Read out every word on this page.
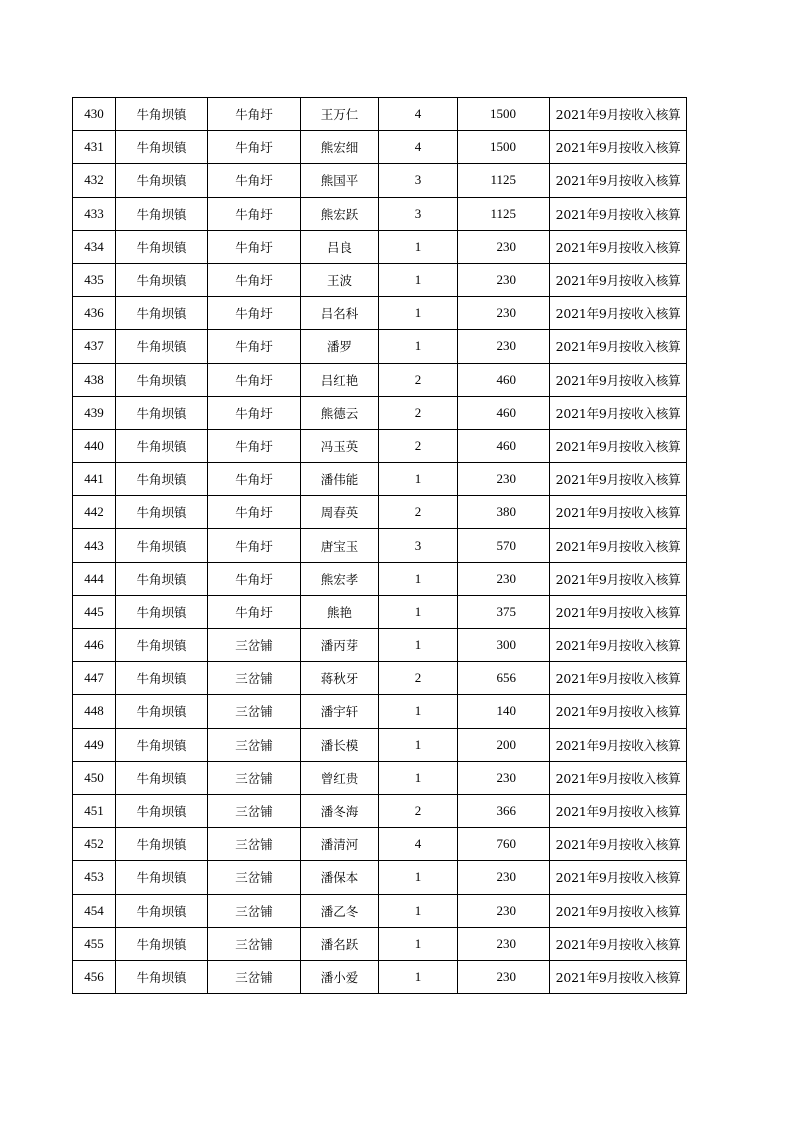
430	牛角坝镇	牛角圩	王万仁	4	1500	2021年9月按收入核算
431	牛角坝镇	牛角圩	熊宏细	4	1500	2021年9月按收入核算
432	牛角坝镇	牛角圩	熊国平	3	1125	2021年9月按收入核算
433	牛角坝镇	牛角圩	熊宏跃	3	1125	2021年9月按收入核算
434	牛角坝镇	牛角圩	吕良	1	230	2021年9月按收入核算
435	牛角坝镇	牛角圩	王波	1	230	2021年9月按收入核算
436	牛角坝镇	牛角圩	吕名科	1	230	2021年9月按收入核算
437	牛角坝镇	牛角圩	潘罗	1	230	2021年9月按收入核算
438	牛角坝镇	牛角圩	吕红艳	2	460	2021年9月按收入核算
439	牛角坝镇	牛角圩	熊德云	2	460	2021年9月按收入核算
440	牛角坝镇	牛角圩	冯玉英	2	460	2021年9月按收入核算
441	牛角坝镇	牛角圩	潘伟能	1	230	2021年9月按收入核算
442	牛角坝镇	牛角圩	周春英	2	380	2021年9月按收入核算
443	牛角坝镇	牛角圩	唐宝玉	3	570	2021年9月按收入核算
444	牛角坝镇	牛角圩	熊宏孝	1	230	2021年9月按收入核算
445	牛角坝镇	牛角圩	熊艳	1	375	2021年9月按收入核算
446	牛角坝镇	三岔铺	潘丙芽	1	300	2021年9月按收入核算
447	牛角坝镇	三岔铺	蒋秋牙	2	656	2021年9月按收入核算
448	牛角坝镇	三岔铺	潘宇轩	1	140	2021年9月按收入核算
449	牛角坝镇	三岔铺	潘长模	1	200	2021年9月按收入核算
450	牛角坝镇	三岔铺	曾红贵	1	230	2021年9月按收入核算
451	牛角坝镇	三岔铺	潘冬海	2	366	2021年9月按收入核算
452	牛角坝镇	三岔铺	潘清河	4	760	2021年9月按收入核算
453	牛角坝镇	三岔铺	潘保本	1	230	2021年9月按收入核算
454	牛角坝镇	三岔铺	潘乙冬	1	230	2021年9月按收入核算
455	牛角坝镇	三岔铺	潘名跃	1	230	2021年9月按收入核算
456	牛角坝镇	三岔铺	潘小爱	1	230	2021年9月按收入核算
